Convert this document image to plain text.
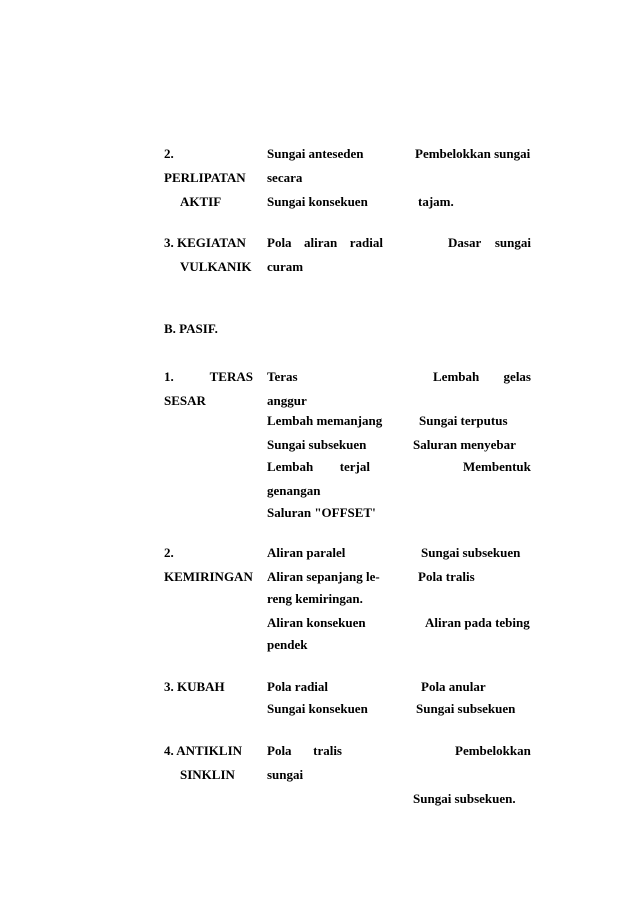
2.
PERLIPATAN
AKTIF
Sungai anteseden
secara
Sungai konsekuen
Pembelokkan sungai
tajam.
3. KEGIATAN
VULKANIK
Pola aliran radial
curam
Dasar sungai
B. PASIF.
1.	TERAS
SESAR
Teras
anggur
Lembah memanjang
Sungai subsekuen
Lembah terjal
genangan
Saluran "OFFSET'
Lembah gelas
Sungai terputus
Saluran menyebar
Membentuk
2.
KEMIRINGAN
Aliran paralel
Aliran sepanjang le-
reng kemiringan.
Aliran konsekuen
pendek
Sungai subsekuen
Pola tralis
Aliran pada tebing
3. KUBAH	Pola radial
Sungai konsekuen
Pola anular
Sungai subsekuen
4. ANTIKLIN
SINKLIN
Pola tralis
sungai
Pembelokkan
Sungai subsekuen.
